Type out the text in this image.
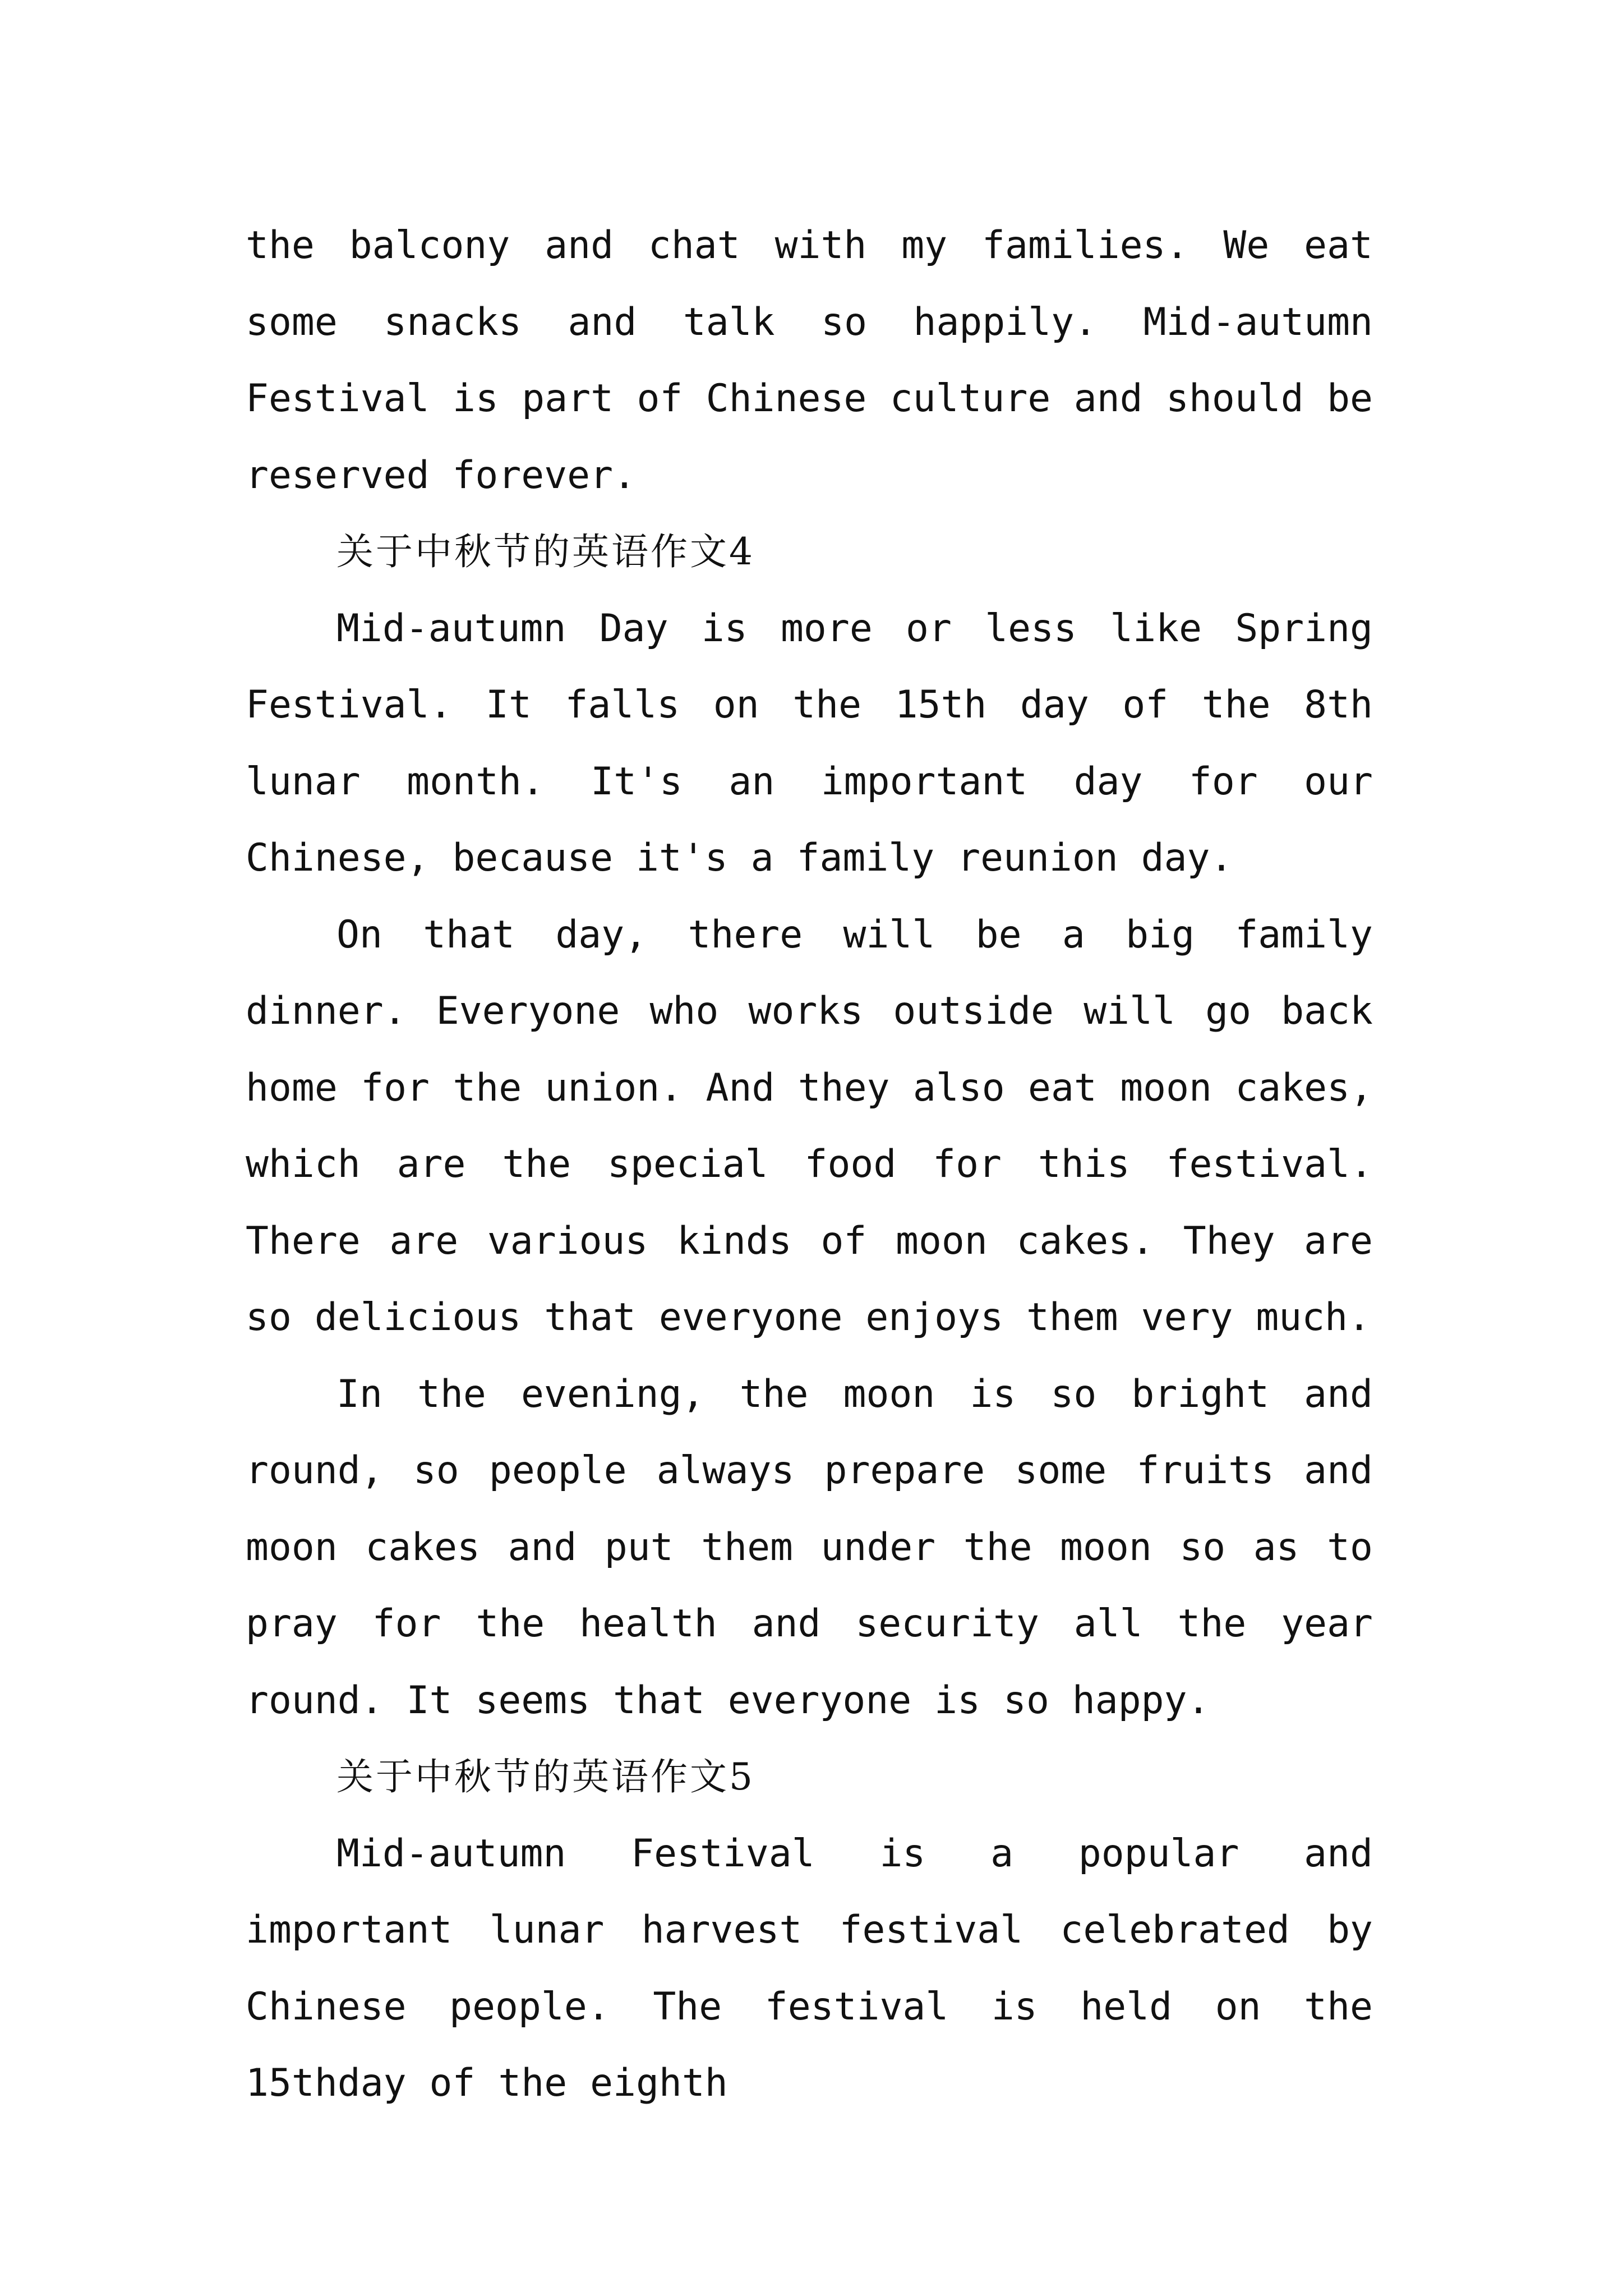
the balcony and chat with my families. We eat some snacks and talk so happily. Mid-autumn Festival is part of Chinese culture and should be reserved forever.

关于中秋节的英语作文4

Mid-autumn Day is more or less like Spring Festival. It falls on the 15th day of the 8th lunar month. It's an important day for our Chinese, because it's a family reunion day.

On that day, there will be a big family dinner. Everyone who works outside will go back home for the union. And they also eat moon cakes, which are the special food for this festival. There are various kinds of moon cakes. They are so delicious that everyone enjoys them very much.

In the evening, the moon is so bright and round, so people always prepare some fruits and moon cakes and put them under the moon so as to pray for the health and security all the year round. It seems that everyone is so happy.

关于中秋节的英语作文5

Mid-autumn Festival is a popular and important lunar harvest festival celebrated by Chinese people. The festival is held on the 15thday of the eighth
